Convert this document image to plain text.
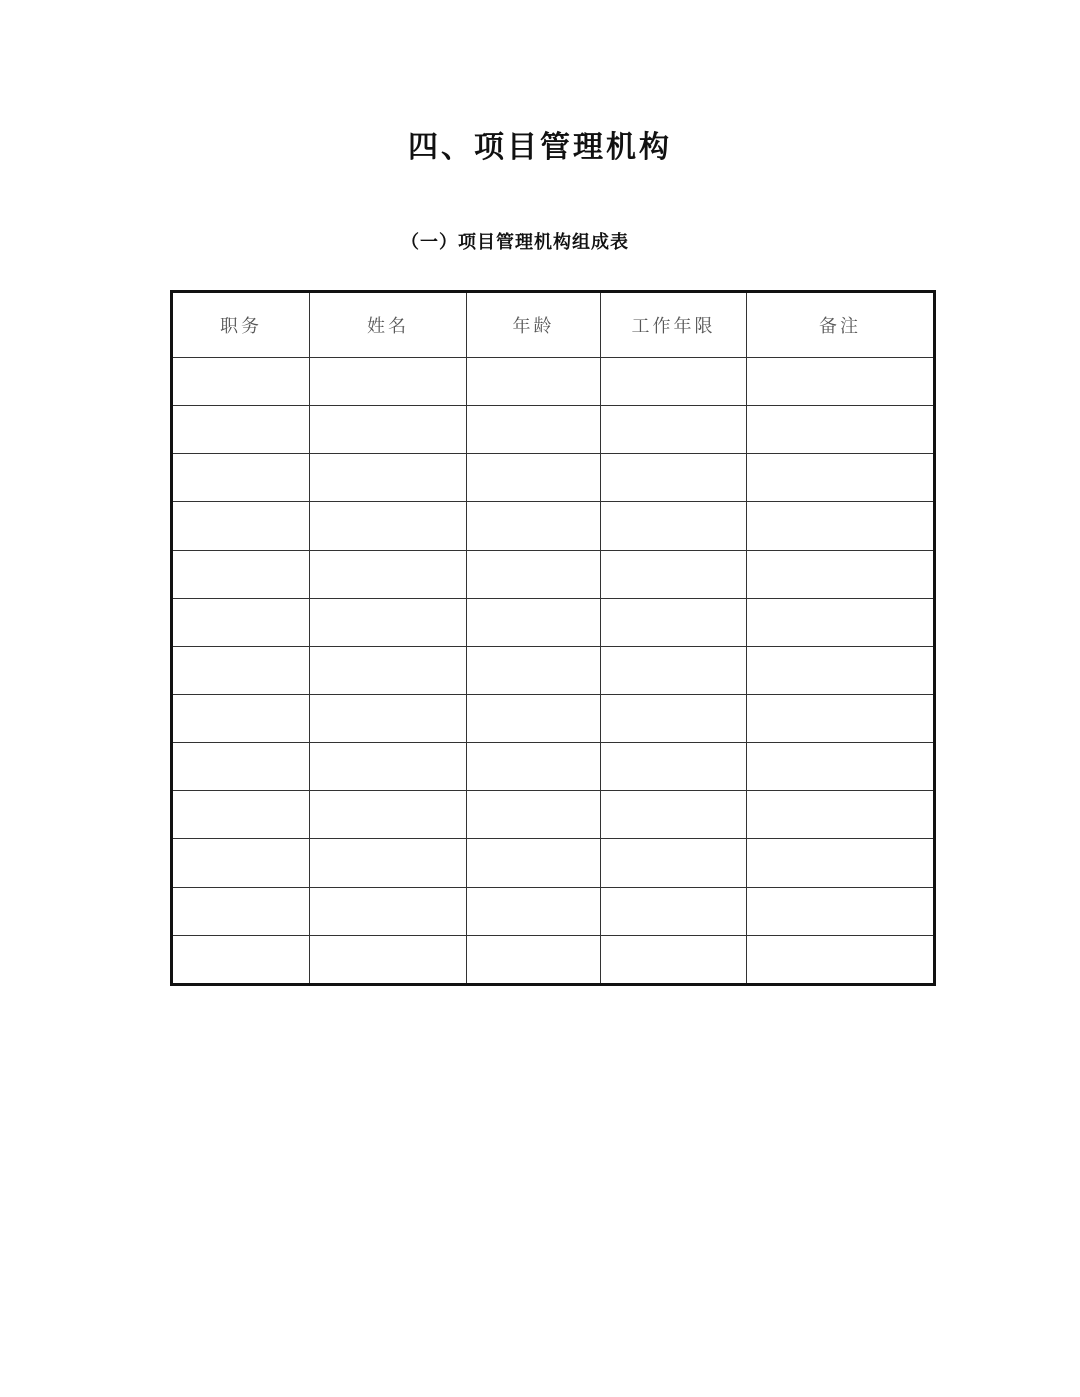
四、项目管理机构
（一）项目管理机构组成表
职务	姓名	年龄	工作年限	备注
